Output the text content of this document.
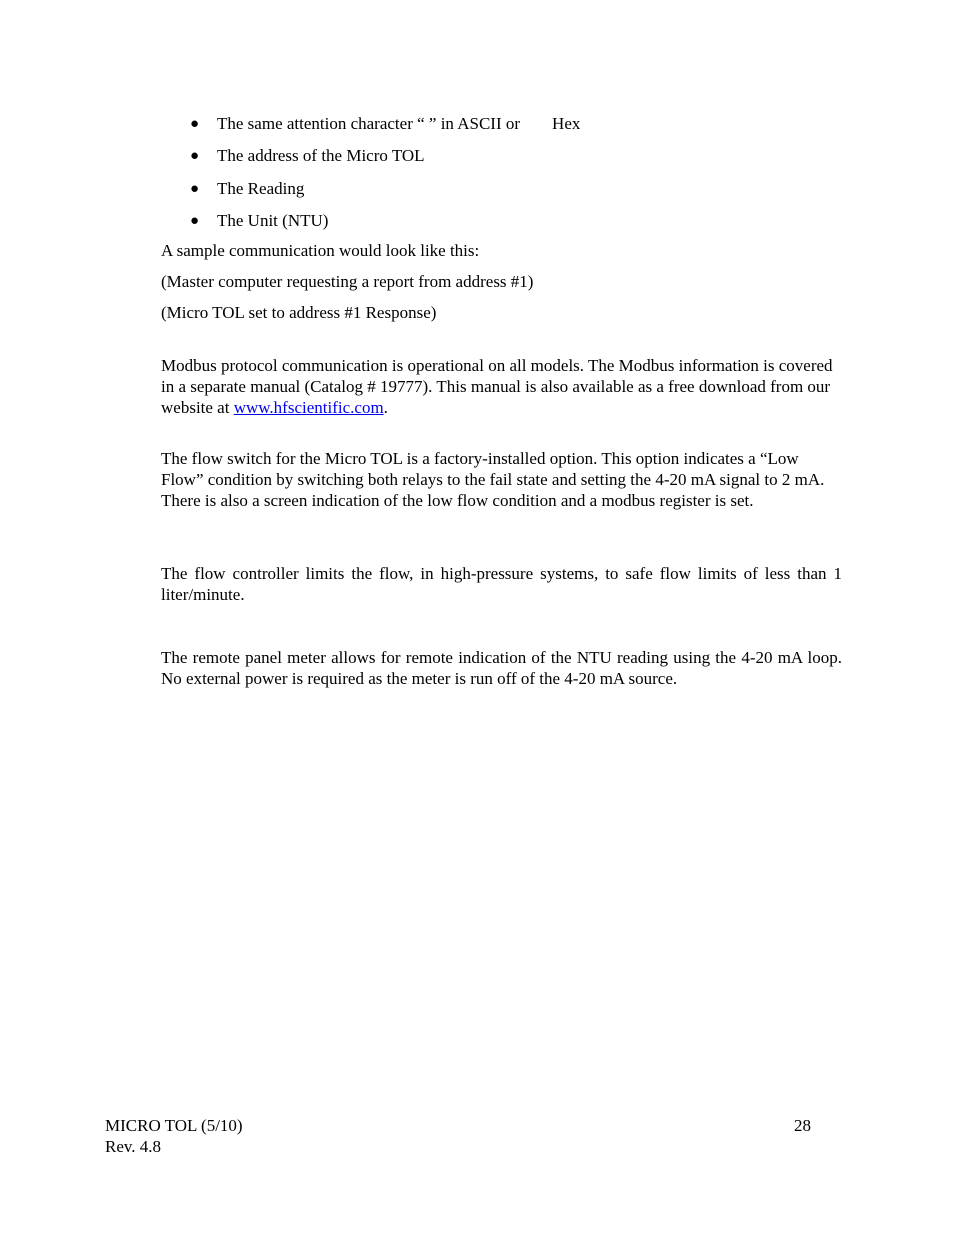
● The same attention character “ ” in ASCII or Hex
● The address of the Micro TOL
● The Reading
● The Unit (NTU)
A sample communication would look like this:
(Master computer requesting a report from address #1)
(Micro TOL set to address #1 Response)

Modbus protocol communication is operational on all models. The Modbus information is covered in a separate manual (Catalog # 19777). This manual is also available as a free download from our website at www.hfscientific.com.

The flow switch for the Micro TOL is a factory-installed option. This option indicates a “Low Flow” condition by switching both relays to the fail state and setting the 4-20 mA signal to 2 mA. There is also a screen indication of the low flow condition and a modbus register is set.

The flow controller limits the flow, in high-pressure systems, to safe flow limits of less than 1 liter/minute.

The remote panel meter allows for remote indication of the NTU reading using the 4-20 mA loop. No external power is required as the meter is run off of the 4-20 mA source.

MICRO TOL (5/10)
Rev. 4.8
28
